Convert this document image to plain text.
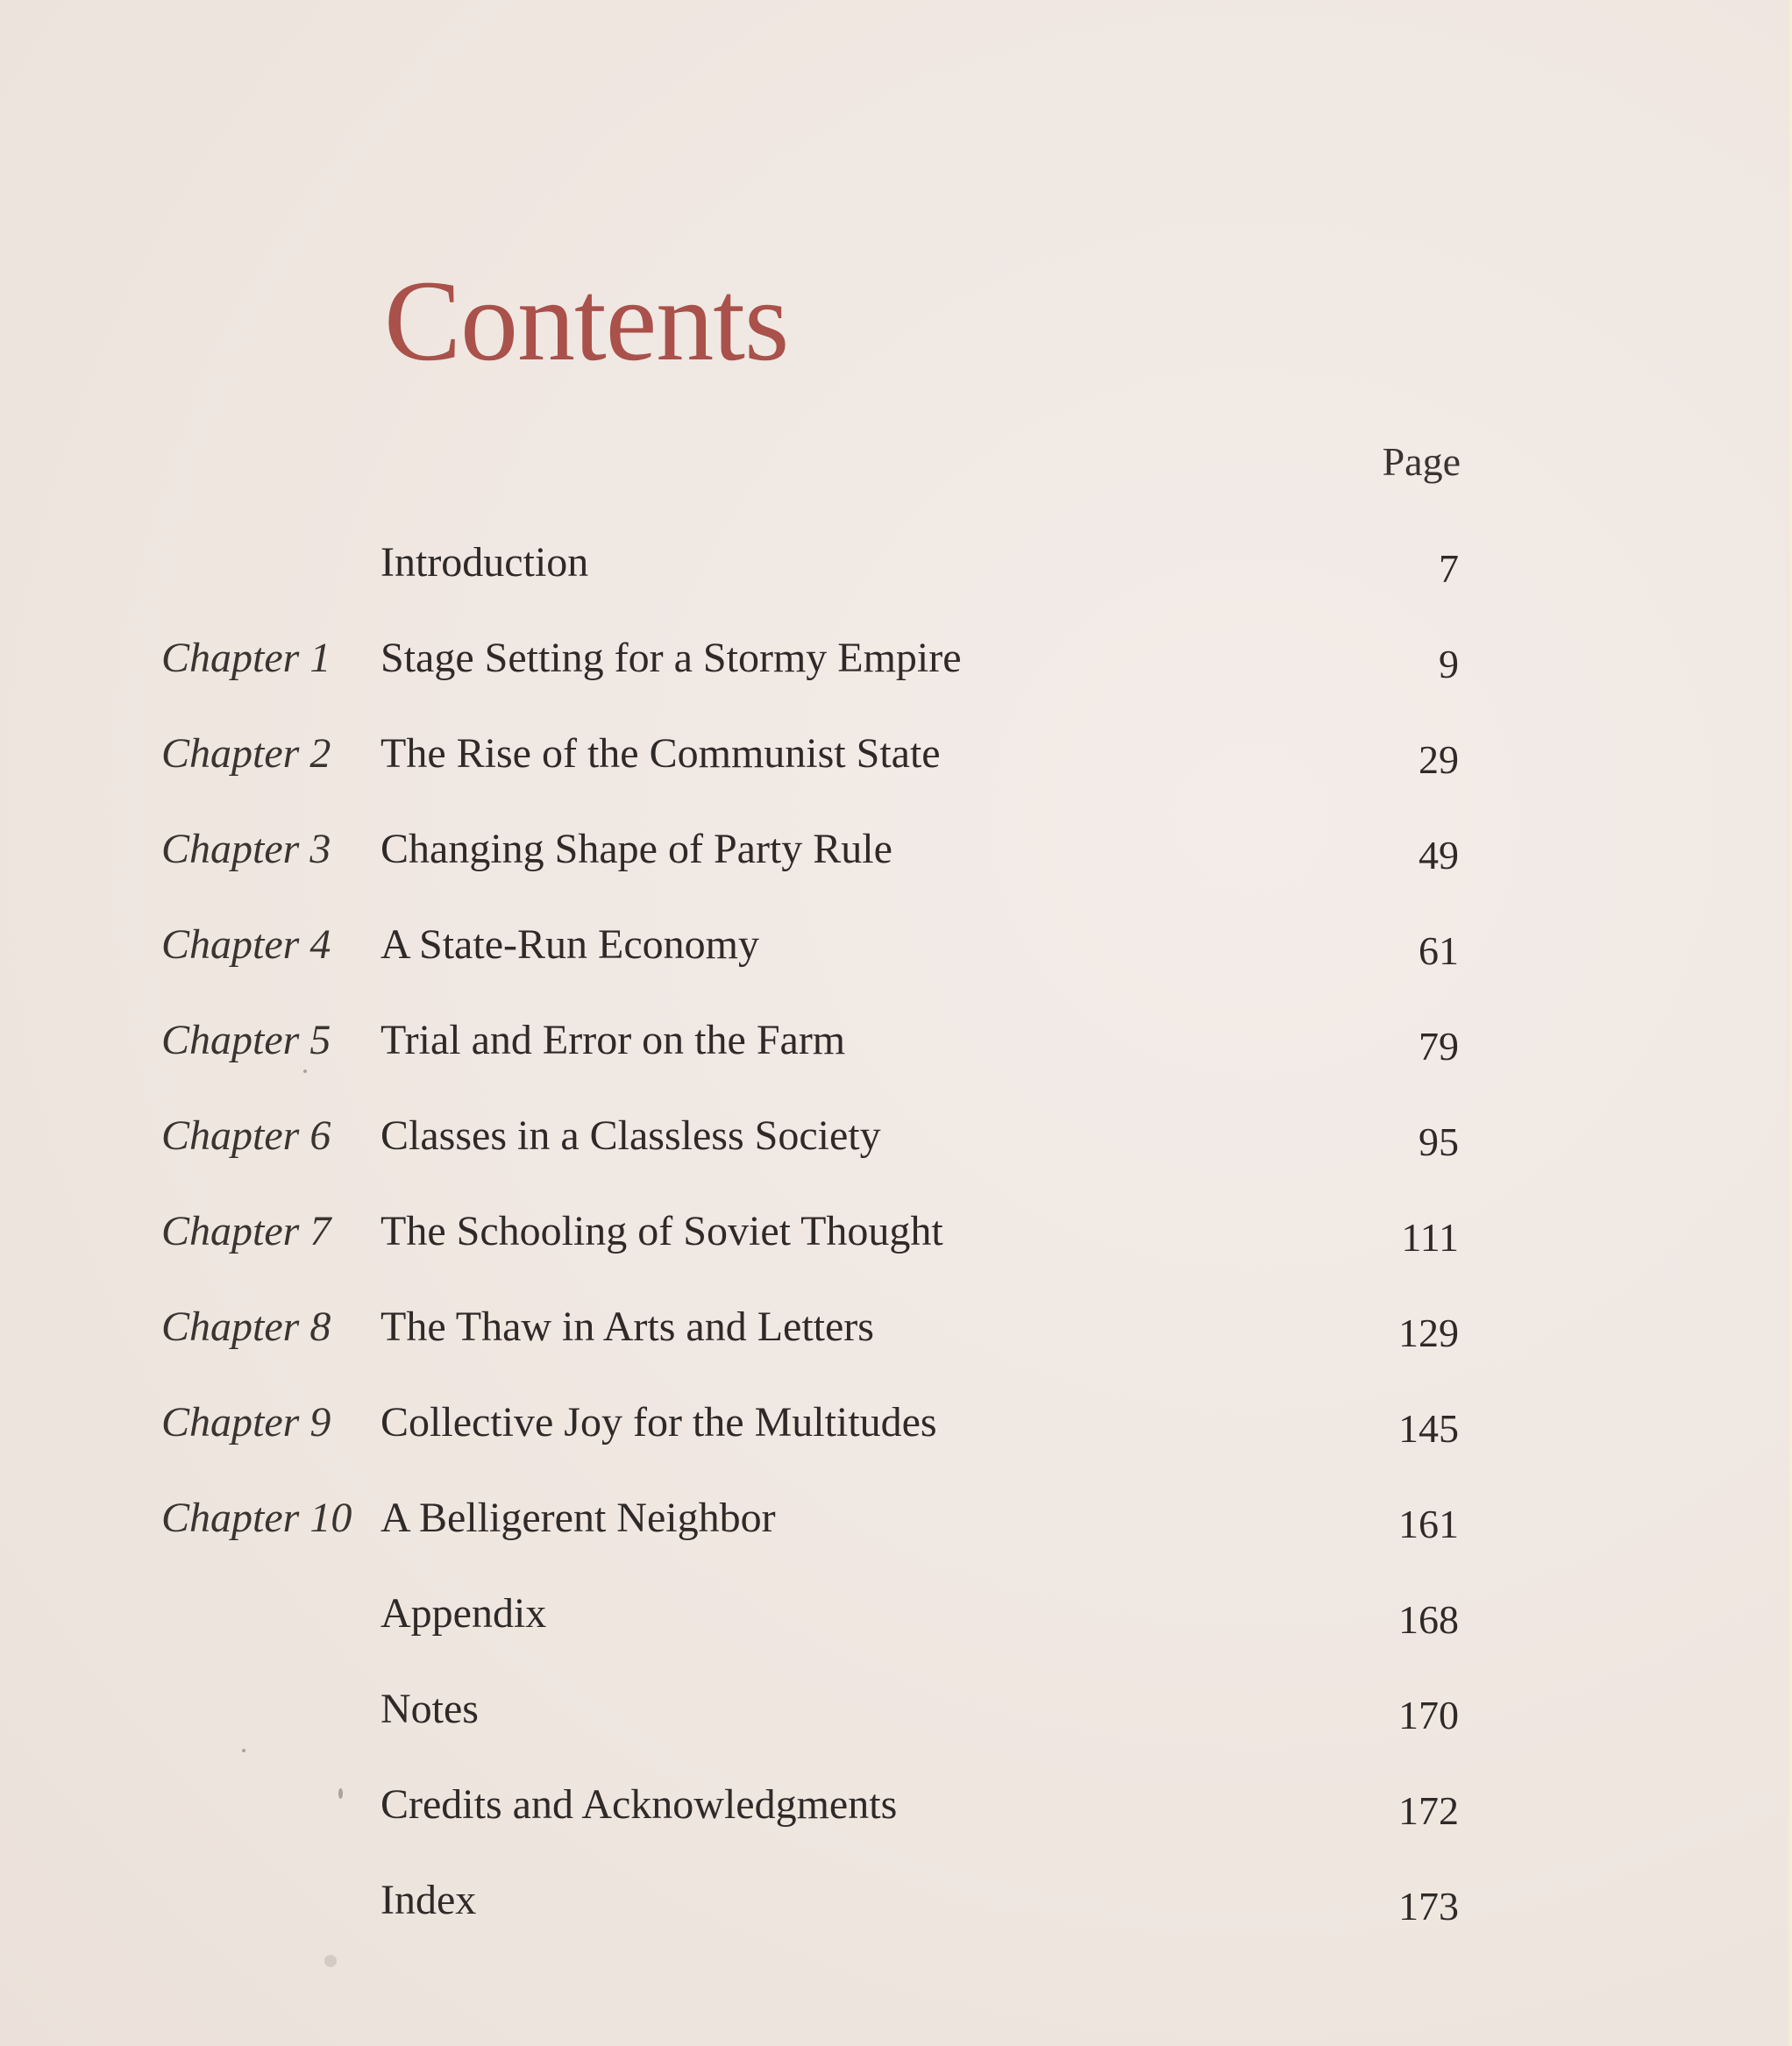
Contents
Page
Introduction	7
Chapter 1 Stage Setting for a Stormy Empire	9
Chapter 2 The Rise of the Communist State	29
Chapter 3 Changing Shape of Party Rule	49
Chapter 4 A State-Run Economy	61
Chapter 5 Trial and Error on the Farm	79
Chapter 6 Classes in a Classless Society	95
Chapter 7 The Schooling of Soviet Thought	111
Chapter 8 The Thaw in Arts and Letters	129
Chapter 9 Collective Joy for the Multitudes	145
Chapter 10 A Belligerent Neighbor	161
Appendix	168
Notes	170
Credits and Acknowledgments	172
Index	173
